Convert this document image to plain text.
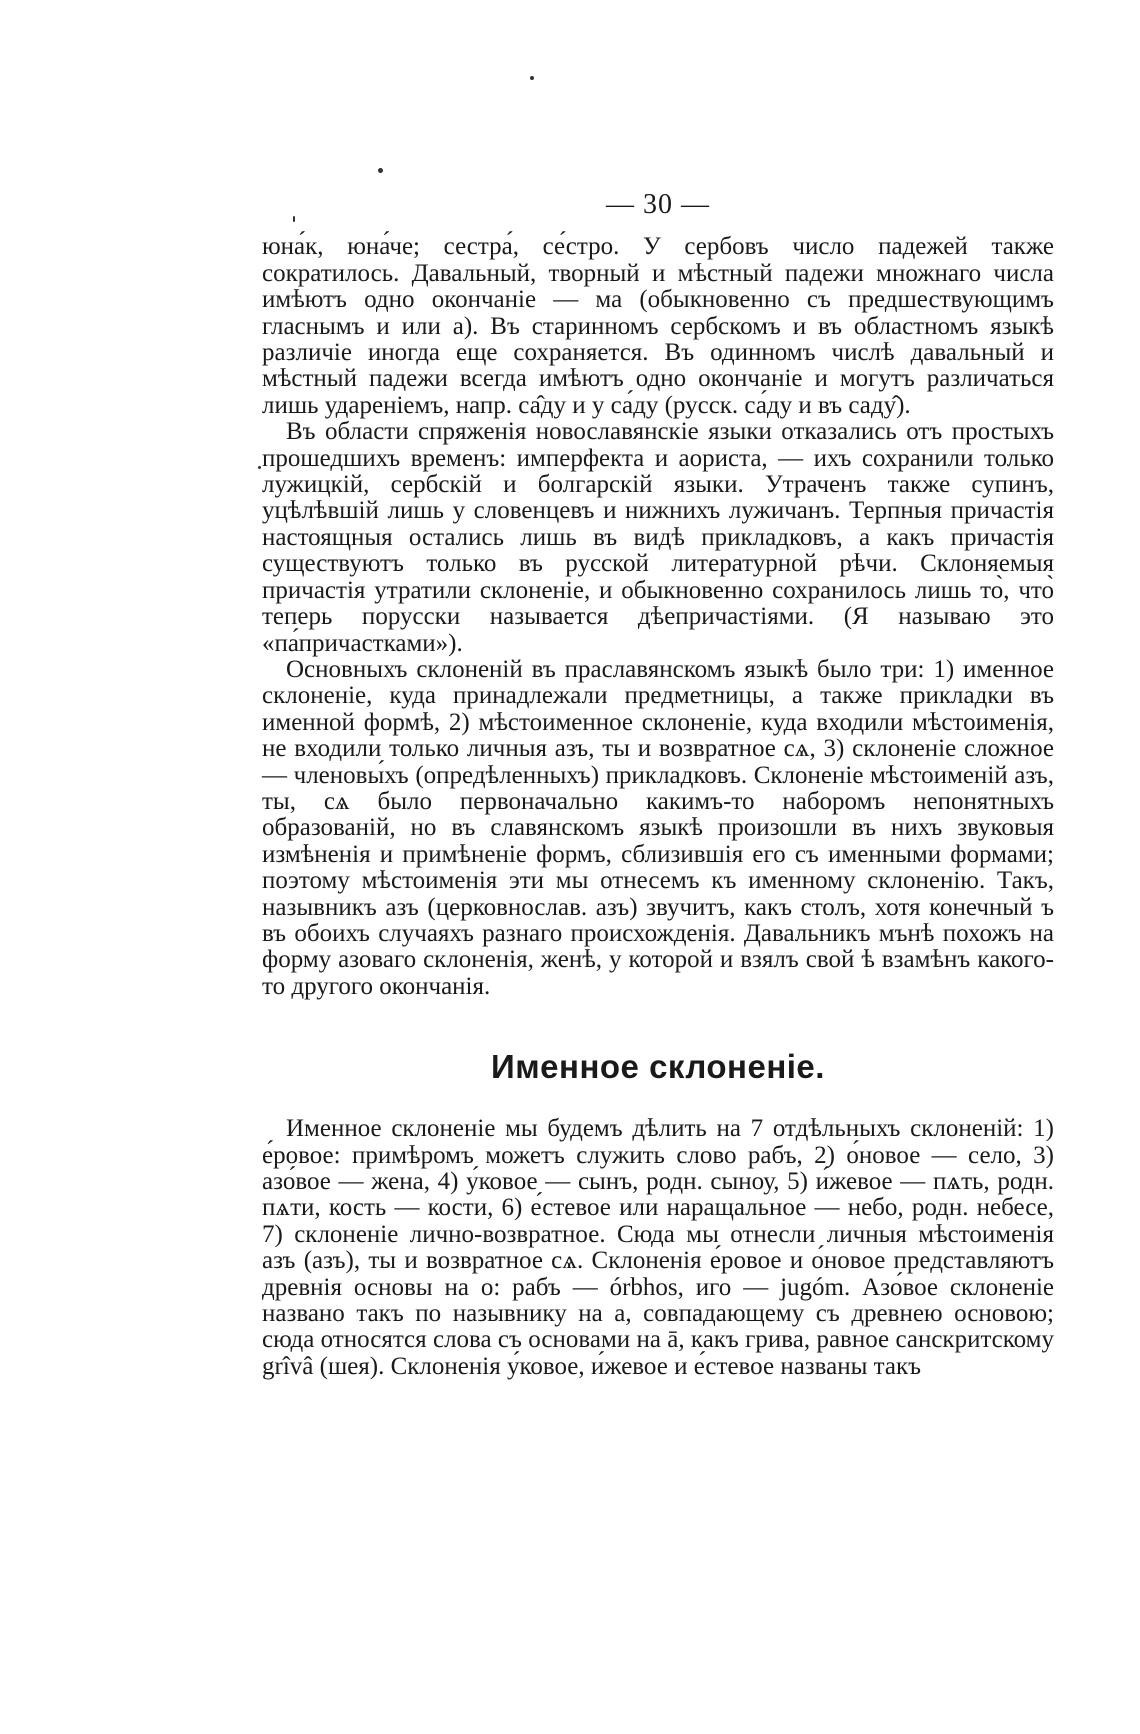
— 30 —

юна́к, юна́че; сестра́, се́стро. У сербовъ число падежей также сократилось. Давальный, творный и мѣстный падежи множнаго числа имѣютъ одно окончаніе — ма (обыкновенно съ предшествующимъ гласнымъ и или а). Въ старинномъ сербскомъ и въ областномъ языкѣ различіе иногда еще сохраняется. Въ одинномъ числѣ давальный и мѣстный падежи всегда имѣютъ одно окончаніе и могутъ различаться лишь удареніемъ, напр. са̂ду и у са́ду (русск. са́ду и въ саду̂).

Въ области спряженія новославянскіе языки отказались отъ простыхъ прошедшихъ временъ: имперфекта и аориста, — ихъ сохранили только лужицкій, сербскій и болгарскій языки. Утраченъ также супинъ, уцѣлѣвшій лишь у словенцевъ и нижнихъ лужичанъ. Терпныя причастія настоящныя остались лишь въ видѣ прикладковъ, а какъ причастія существуютъ только въ русской литературной рѣчи. Склоняемыя причастія утратили склоненіе, и обыкновенно сохранилось лишь то̀, что̀ теперь порусски называется дѣепричастіями. (Я называю это «па́причастками»).

Основныхъ склоненій въ праславянскомъ языкѣ было три: 1) именное склоненіе, куда принадлежали предметницы, а также прикладки въ именной формѣ, 2) мѣстоименное склоненіе, куда входили мѣстоименія, не входили только личныя азъ, ты и возвратное сѧ, 3) склоненіе сложное — членовы́хъ (опредѣленныхъ) прикладковъ. Склоненіе мѣстоименій азъ, ты, сѧ было первоначально какимъ-то наборомъ непонятныхъ образованій, но въ славянскомъ языкѣ произошли въ нихъ звуковыя измѣненія и примѣненіе формъ, сблизившія его съ именными формами; поэтому мѣстоименія эти мы отнесемъ къ именному склоненію. Такъ, назывникъ азъ (церковнослав. азъ) звучитъ, какъ столъ, хотя конечный ъ въ обоихъ случаяхъ разнаго происхожденія. Давальникъ мънѣ похожъ на форму азоваго склоненія, женѣ, у которой и взялъ свой ѣ взамѣнъ какого-то другого окончанія.

Именное склоненіе.

Именное склоненіе мы будемъ дѣлить на 7 отдѣльныхъ склоненій: 1) е́ровое: примѣромъ можетъ служить слово рабъ, 2) о́новое — село, 3) азо́вое — жена, 4) у́ковое — сынъ, родн. сыноу, 5) и́жевое — пѧть, родн. пѧти, кость — кости, 6) е́стевое или наращальное — небо, родн. небесе, 7) склоненіе лично-возвратное. Сюда мы отнесли личныя мѣстоименія азъ (азъ), ты и возвратное сѧ. Склоненія е́ровое и о́новое представляютъ древнія основы на о: рабъ — órbhos, иго — jugóm. Азо́вое склоненіе названо такъ по назывнику на а, совпадающему съ древнею основою; сюда относятся слова съ основами на ā, какъ грива, равное санскритскому grîvâ (шея). Склоненія у́ковое, и́жевое и е́стевое названы такъ
